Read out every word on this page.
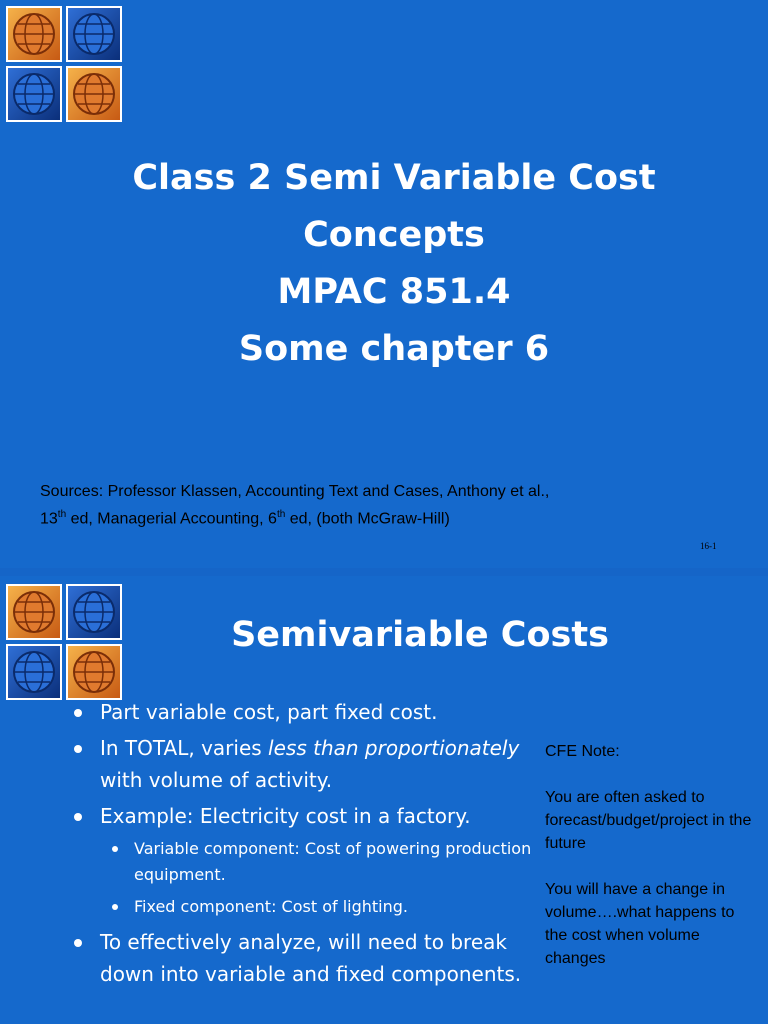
Class 2 Semi Variable Cost
Concepts
MPAC 851.4
Some chapter 6
Sources: Professor Klassen, Accounting Text and Cases, Anthony et al.,
13th ed, Managerial Accounting, 6th ed, (both McGraw-Hill)
16-1
Semivariable Costs
Part variable cost, part fixed cost.
In TOTAL, varies less than proportionately with volume of activity.
Example: Electricity cost in a factory.
Variable component: Cost of powering production equipment.
Fixed component: Cost of lighting.
To effectively analyze, will need to break down into variable and fixed components.

CFE Note:

You are often asked to forecast/budget/project in the future

You will have a change in volume….what happens to the cost when volume changes
